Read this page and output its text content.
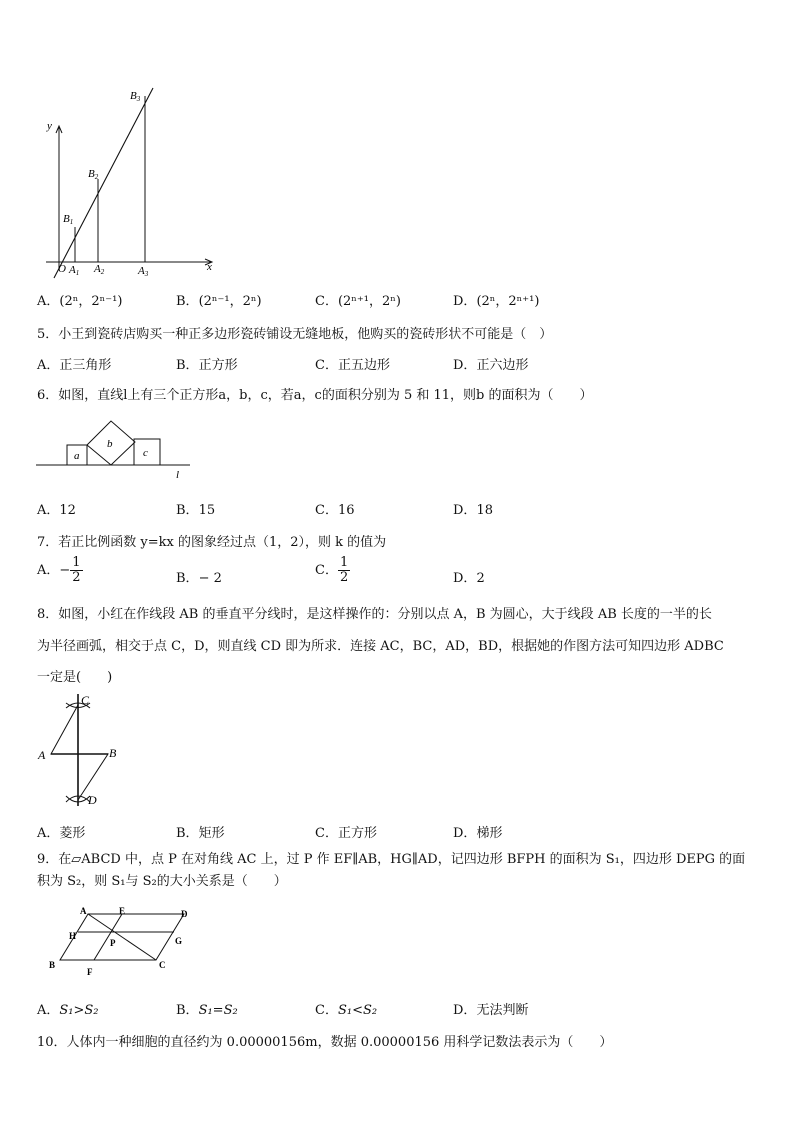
y
x
O A1 A2	A3
B1
B2
B3
A．(2ⁿ，2ⁿ⁻¹)	B．(2ⁿ⁻¹，2ⁿ)	C．(2ⁿ⁺¹，2ⁿ)	D．(2ⁿ，2ⁿ⁺¹)
5．小王到瓷砖店购买一种正多边形瓷砖铺设无缝地板，他购买的瓷砖形状不可能是（　）
A．正三角形	B．正方形	C．正五边形	D．正六边形
6．如图，直线l上有三个正方形a，b，c，若a，c的面积分别为 5 和 11，则b 的面积为（　　）
a
b
c
l
A．12	B．15	C．16	D．18
7．若正比例函数 y=kx 的图象经过点（1，2），则 k 的值为
A．− $\frac{1}{2}$	B．− 2
C． $\frac{1}{2}$	D．2
8．如图，小红在作线段 AB 的垂直平分线时，是这样操作的：分别以点 A，B 为圆心，大于线段 AB 长度的一半的长
为半径画弧，相交于点 C，D，则直线 CD 即为所求．连接 AC，BC，AD，BD，根据她的作图方法可知四边形 ADBC
一定是(　　)
C
A	B
D
A．菱形	B．矩形	C．正方形	D．梯形
9．在▱ABCD 中，点 P 在对角线 AC 上，过 P 作 EF∥AB，HG∥AD，记四边形 BFPH 的面积为 S₁，四边形 DEPG 的面
积为 S₂，则 S₁与 S₂的大小关系是（　　）
A	E	D
H
P	G
B
F
C
A．S₁>S₂	B．S₁=S₂	C．S₁<S₂	D．无法判断
10．人体内一种细胞的直径约为 0.00000156m，数据 0.00000156 用科学记数法表示为（　　）
